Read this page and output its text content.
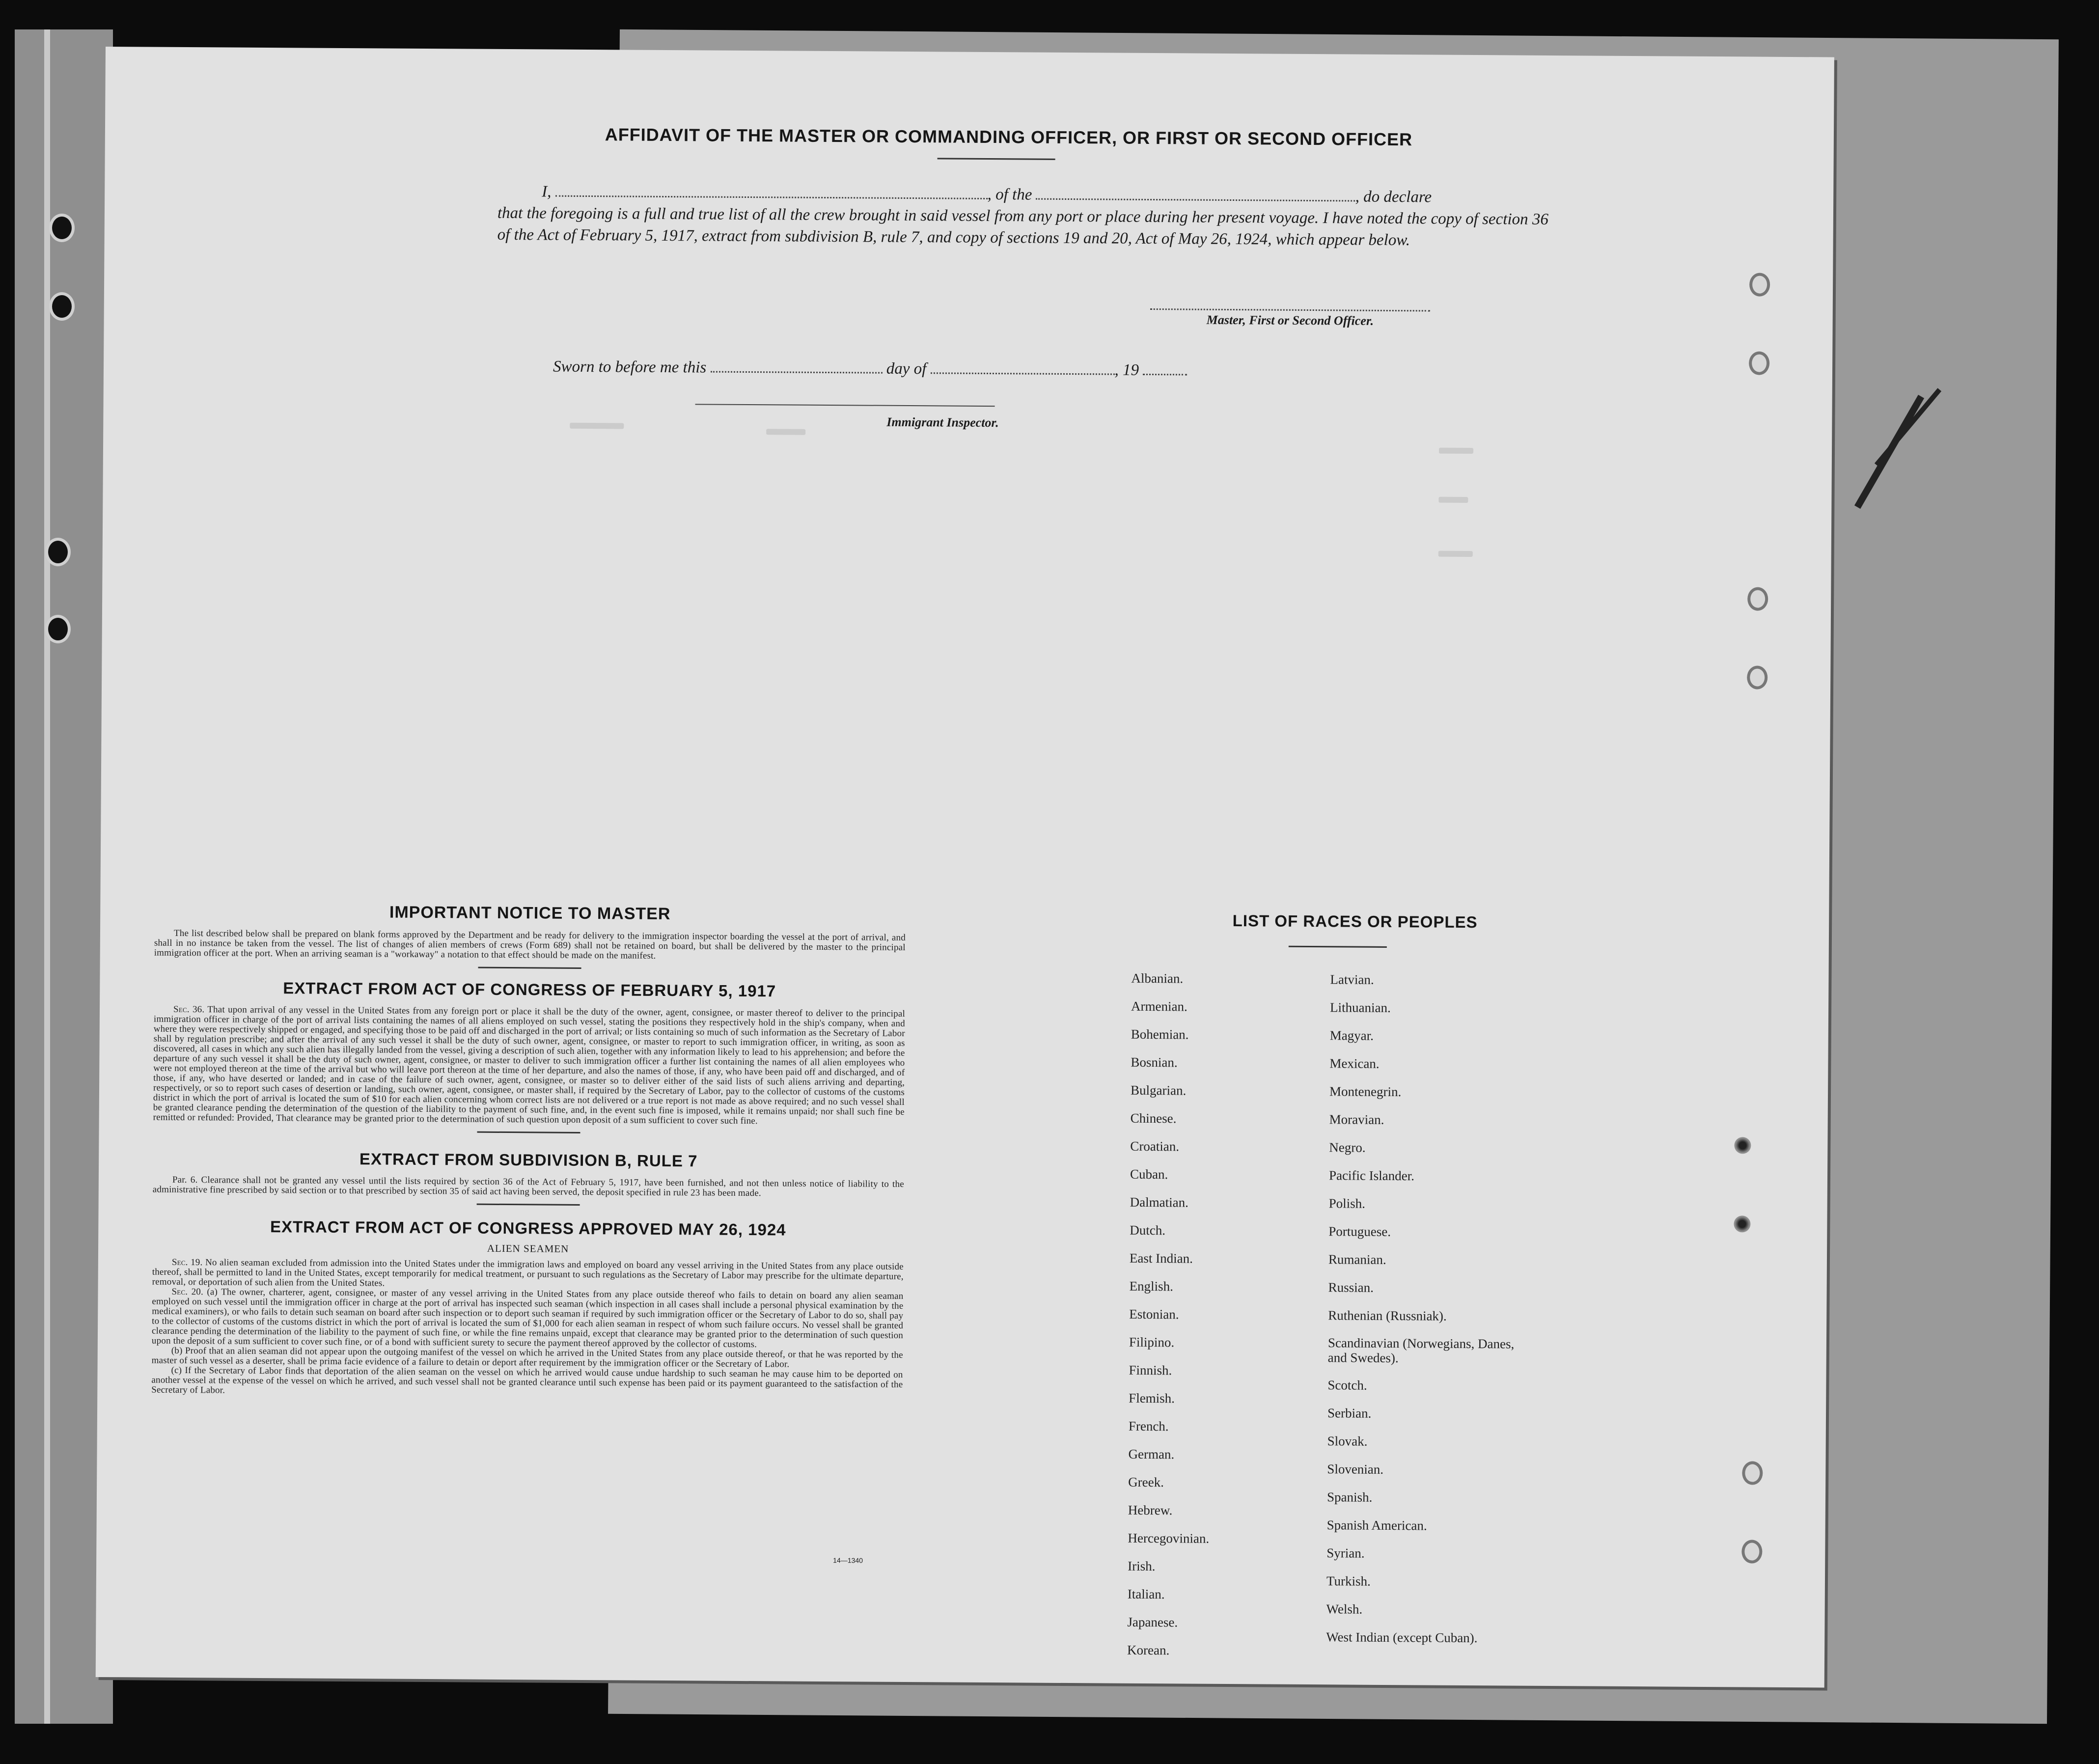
AFFIDAVIT OF THE MASTER OR COMMANDING OFFICER, OR FIRST OR SECOND OFFICER
I,	, of the	, do declare
that the foregoing is a full and true list of all the crew brought in said vessel from any port or place during her present voyage. I have noted the copy of section 36 of the Act of February 5, 1917, extract from subdivision B, rule 7, and copy of sections 19 and 20, Act of May 26, 1924, which appear below.
Master, First or Second Officer.
Sworn to before me this	day of	, 19
Immigrant Inspector.
IMPORTANT NOTICE TO MASTER

The list described below shall be prepared on blank forms approved by the Department and be ready for delivery to the immigration inspector boarding the vessel at the port of arrival, and shall in no instance be taken from the vessel. The list of changes of alien members of crews (Form 689) shall not be retained on board, but shall be delivered by the master to the principal immigration officer at the port. When an arriving seaman is a "workaway" a notation to that effect should be made on the manifest.

EXTRACT FROM ACT OF CONGRESS OF FEBRUARY 5, 1917

Sec. 36. That upon arrival of any vessel in the United States from any foreign port or place it shall be the duty of the owner, agent, consignee, or master thereof to deliver to the principal immigration officer in charge of the port of arrival lists containing the names of all aliens employed on such vessel, stating the positions they respectively hold in the ship's company, when and where they were respectively shipped or engaged, and specifying those to be paid off and discharged in the port of arrival; or lists containing so much of such information as the Secretary of Labor shall by regulation prescribe; and after the arrival of any such vessel it shall be the duty of such owner, agent, consignee, or master to report to such immigration officer, in writing, as soon as discovered, all cases in which any such alien has illegally landed from the vessel, giving a description of such alien, together with any information likely to lead to his apprehension; and before the departure of any such vessel it shall be the duty of such owner, agent, consignee, or master to deliver to such immigration officer a further list containing the names of all alien employees who were not employed thereon at the time of the arrival but who will leave port thereon at the time of her departure, and also the names of those, if any, who have been paid off and discharged, and of those, if any, who have deserted or landed; and in case of the failure of such owner, agent, consignee, or master so to deliver either of the said lists of such aliens arriving and departing, respectively, or so to report such cases of desertion or landing, such owner, agent, consignee, or master shall, if required by the Secretary of Labor, pay to the collector of customs of the customs district in which the port of arrival is located the sum of $10 for each alien concerning whom correct lists are not delivered or a true report is not made as above required; and no such vessel shall be granted clearance pending the determination of the question of the liability to the payment of such fine, and, in the event such fine is imposed, while it remains unpaid; nor shall such fine be remitted or refunded: Provided, That clearance may be granted prior to the determination of such question upon deposit of a sum sufficient to cover such fine.

EXTRACT FROM SUBDIVISION B, RULE 7

Par. 6. Clearance shall not be granted any vessel until the lists required by section 36 of the Act of February 5, 1917, have been furnished, and not then unless notice of liability to the administrative fine prescribed by said section or to that prescribed by section 35 of said act having been served, the deposit specified in rule 23 has been made.

EXTRACT FROM ACT OF CONGRESS APPROVED MAY 26, 1924
ALIEN SEAMEN

Sec. 19. No alien seaman excluded from admission into the United States under the immigration laws and employed on board any vessel arriving in the United States from any place outside thereof, shall be permitted to land in the United States, except temporarily for medical treatment, or pursuant to such regulations as the Secretary of Labor may prescribe for the ultimate departure, removal, or deportation of such alien from the United States.

Sec. 20. (a) The owner, charterer, agent, consignee, or master of any vessel arriving in the United States from any place outside thereof who fails to detain on board any alien seaman employed on such vessel until the immigration officer in charge at the port of arrival has inspected such seaman (which inspection in all cases shall include a personal physical examination by the medical examiners), or who fails to detain such seaman on board after such inspection or to deport such seaman if required by such immigration officer or the Secretary of Labor to do so, shall pay to the collector of customs of the customs district in which the port of arrival is located the sum of $1,000 for each alien seaman in respect of whom such failure occurs. No vessel shall be granted clearance pending the determination of the liability to the payment of such fine, or while the fine remains unpaid, except that clearance may be granted prior to the determination of such question upon the deposit of a sum sufficient to cover such fine, or of a bond with sufficient surety to secure the payment thereof approved by the collector of customs.

(b) Proof that an alien seaman did not appear upon the outgoing manifest of the vessel on which he arrived in the United States from any place outside thereof, or that he was reported by the master of such vessel as a deserter, shall be prima facie evidence of a failure to detain or deport after requirement by the immigration officer or the Secretary of Labor.

(c) If the Secretary of Labor finds that deportation of the alien seaman on the vessel on which he arrived would cause undue hardship to such seaman he may cause him to be deported on another vessel at the expense of the vessel on which he arrived, and such vessel shall not be granted clearance until such expense has been paid or its payment guaranteed to the satisfaction of the Secretary of Labor.

14—1340
LIST OF RACES OR PEOPLES
Albanian.
Armenian.
Bohemian.
Bosnian.
Bulgarian.
Chinese.
Croatian.
Cuban.
Dalmatian.
Dutch.
East Indian.
English.
Estonian.
Filipino.
Finnish.
Flemish.
French.
German.
Greek.
Hebrew.
Hercegovinian.
Irish.
Italian.
Japanese.
Korean.
Latvian.
Lithuanian.
Magyar.
Mexican.
Montenegrin.
Moravian.
Negro.
Pacific Islander.
Polish.
Portuguese.
Rumanian.
Russian.
Ruthenian (Russniak).
Scandinavian (Norwegians, Danes, and Swedes).
Scotch.
Serbian.
Slovak.
Slovenian.
Spanish.
Spanish American.
Syrian.
Turkish.
Welsh.
West Indian (except Cuban).
